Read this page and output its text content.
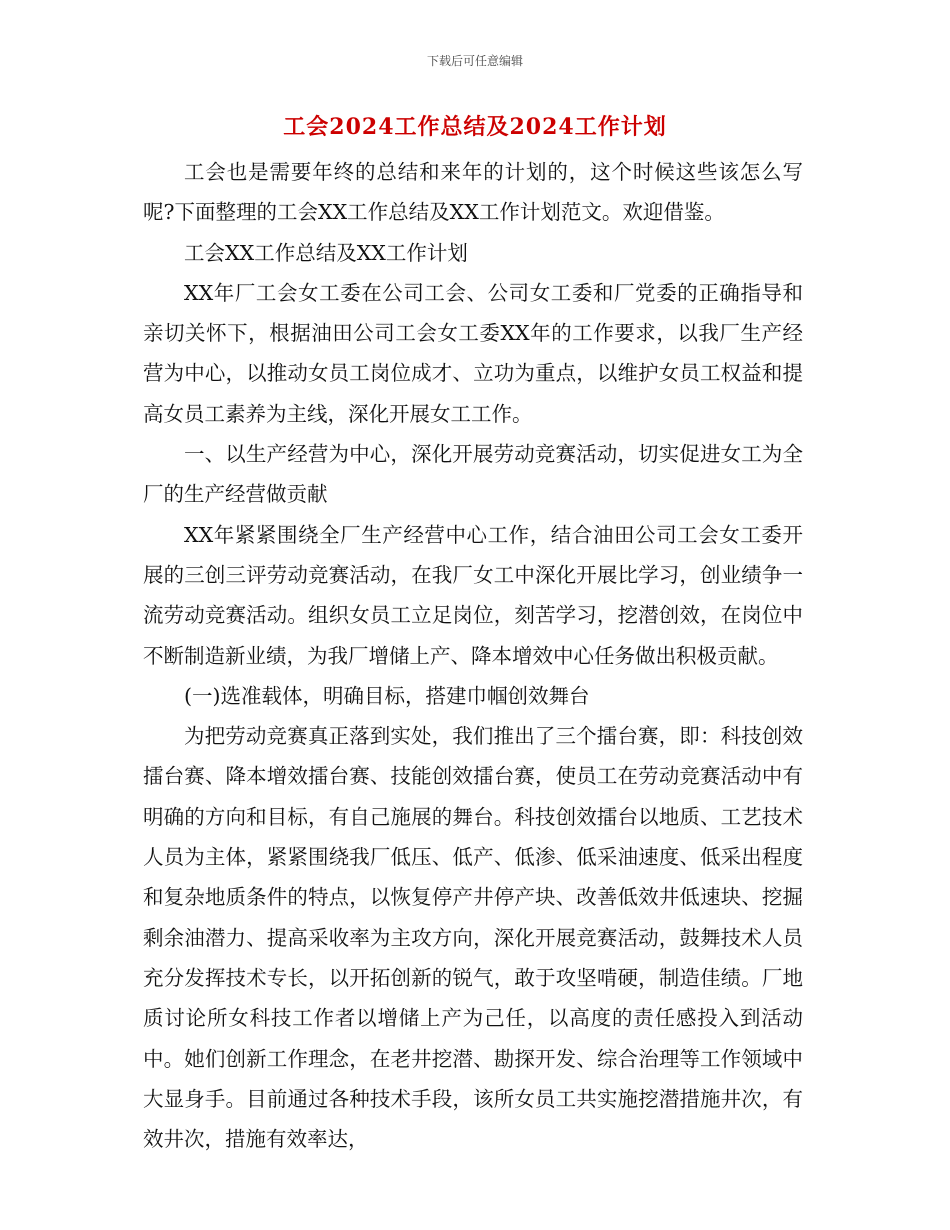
下载后可任意编辑
工会2024工作总结及2024工作计划

工会也是需要年终的总结和来年的计划的，这个时候这些该怎么写呢?下面整理的工会XX工作总结及XX工作计划范文。欢迎借鉴。

工会XX工作总结及XX工作计划

XX年厂工会女工委在公司工会、公司女工委和厂党委的正确指导和亲切关怀下，根据油田公司工会女工委XX年的工作要求，以我厂生产经营为中心，以推动女员工岗位成才、立功为重点，以维护女员工权益和提高女员工素养为主线，深化开展女工工作。

一、以生产经营为中心，深化开展劳动竞赛活动，切实促进女工为全厂的生产经营做贡献

XX年紧紧围绕全厂生产经营中心工作，结合油田公司工会女工委开展的三创三评劳动竞赛活动，在我厂女工中深化开展比学习，创业绩争一流劳动竞赛活动。组织女员工立足岗位，刻苦学习，挖潜创效，在岗位中不断制造新业绩，为我厂增储上产、降本增效中心任务做出积极贡献。

(一)选准载体，明确目标，搭建巾帼创效舞台

为把劳动竞赛真正落到实处，我们推出了三个擂台赛，即：科技创效擂台赛、降本增效擂台赛、技能创效擂台赛，使员工在劳动竞赛活动中有明确的方向和目标，有自己施展的舞台。科技创效擂台以地质、工艺技术人员为主体，紧紧围绕我厂低压、低产、低渗、低采油速度、低采出程度和复杂地质条件的特点，以恢复停产井停产块、改善低效井低速块、挖掘剩余油潜力、提高采收率为主攻方向，深化开展竞赛活动，鼓舞技术人员充分发挥技术专长，以开拓创新的锐气，敢于攻坚啃硬，制造佳绩。厂地质讨论所女科技工作者以增储上产为己任，以高度的责任感投入到活动中。她们创新工作理念，在老井挖潜、勘探开发、综合治理等工作领域中大显身手。目前通过各种技术手段，该所女员工共实施挖潜措施井次，有效井次，措施有效率达，
